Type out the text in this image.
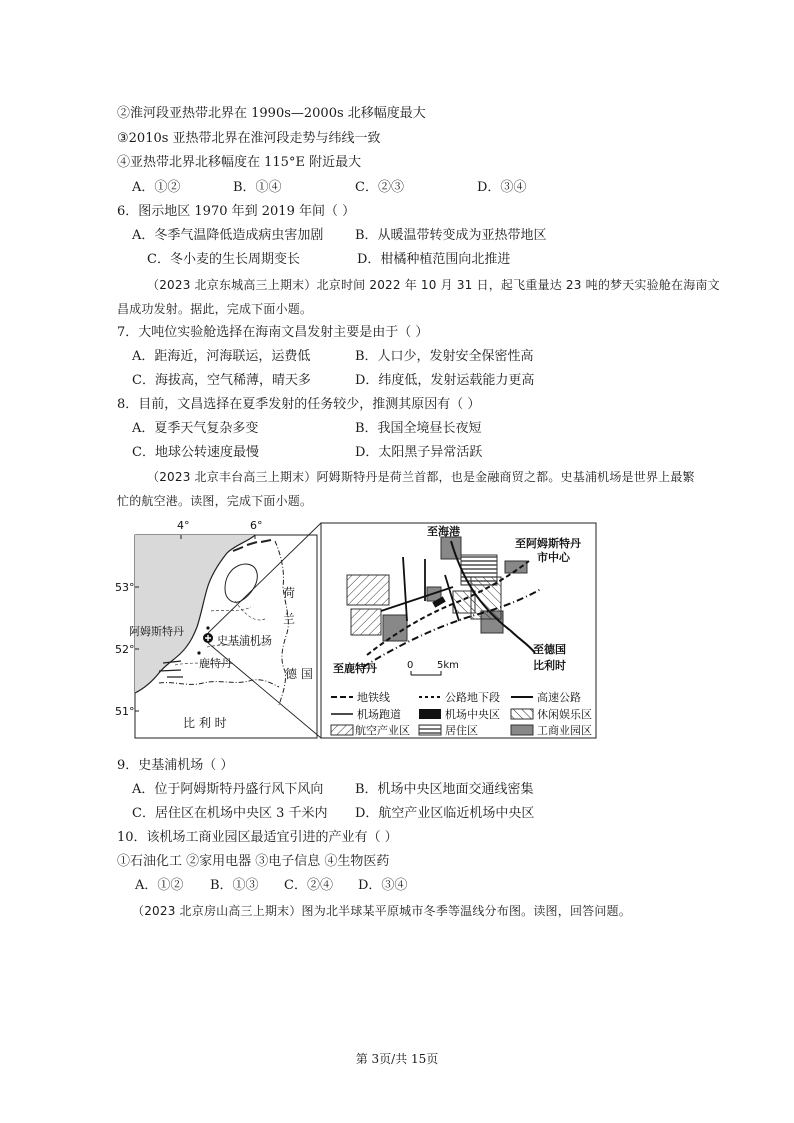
②淮河段亚热带北界在 1990s—2000s 北移幅度最大
③2010s 亚热带北界在淮河段走势与纬线一致
④亚热带北界北移幅度在 115°E 附近最大
A．①②	B．①④	C．②③	D．③④
6．图示地区 1970 年到 2019 年间（ ）
A．冬季气温降低造成病虫害加剧 B．从暖温带转变成为亚热带地区
C．冬小麦的生长周期变长	D．柑橘种植范围向北推进
（2023 北京东城高三上期末）北京时间 2022 年 10 月 31 日，起飞重量达 23 吨的梦天实验舱在海南文
昌成功发射。据此，完成下面小题。
7．大吨位实验舱选择在海南文昌发射主要是由于（ ）
A．距海近，河海联运，运费低	B．人口少，发射安全保密性高
C．海拔高，空气稀薄，晴天多	D．纬度低，发射运载能力更高
8．目前，文昌选择在夏季发射的任务较少，推测其原因有（ ）
A．夏季天气复杂多变	B．我国全境昼长夜短
C．地球公转速度最慢	D．太阳黑子异常活跃
（2023 北京丰台高三上期末）阿姆斯特丹是荷兰首都，也是金融商贸之都。史基浦机场是世界上最繁
忙的航空港。读图，完成下面小题。
4°	6°
53°
52°
51°
荷
兰
阿姆斯特丹
史基浦机场
鹿特丹
德 国
比 利 时
至海港
至阿姆斯特丹
市中心
至鹿特丹
至德国
比利时
0 5km
地铁线	公路地下段	高速公路
机场跑道	机场中央区	休闲娱乐区
航空产业区	居住区	工商业园区
9．史基浦机场（ ）
A．位于阿姆斯特丹盛行风下风向 B．机场中央区地面交通线密集
C．居住区在机场中央区 3 千米内 D．航空产业区临近机场中央区
10．该机场工商业园区最适宜引进的产业有（ ）
①石油化工 ②家用电器 ③电子信息 ④生物医药
A．①② B．①③ C．②④ D．③④
（2023 北京房山高三上期末）图为北半球某平原城市冬季等温线分布图。读图，回答问题。
第 3页/共 15页
